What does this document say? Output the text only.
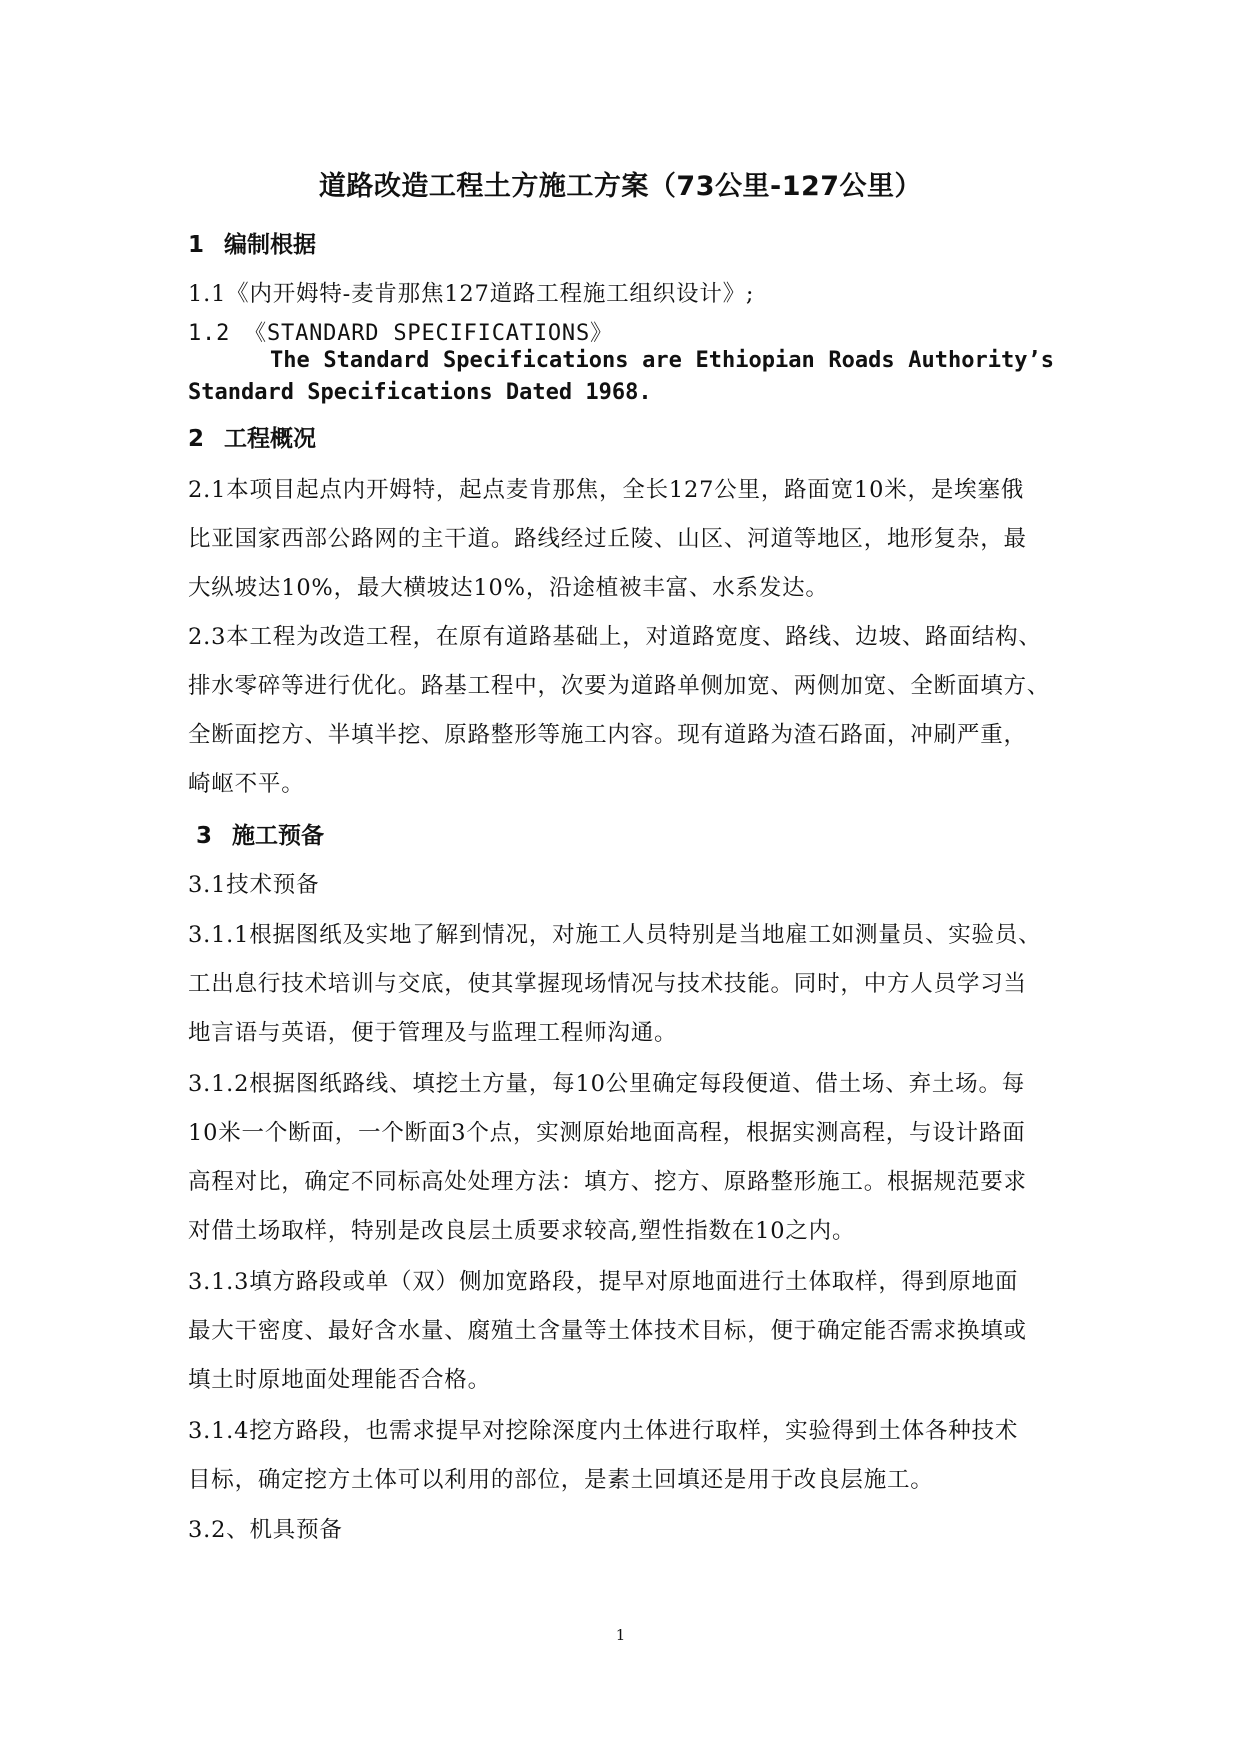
道路改造工程土方施工方案（73公里-127公里）
1 编制根据

1.1《内开姆特-麦肯那焦127道路工程施工组织设计》;

1.2 《STANDARD SPECIFICATIONS》

The Standard Specifications are Ethiopian Roads Authority’s

Standard Specifications Dated 1968.

2 工程概况

2.1本项目起点内开姆特，起点麦肯那焦，全长127公里，路面宽10米，是埃塞俄

比亚国家西部公路网的主干道。路线经过丘陵、山区、河道等地区，地形复杂，最

大纵坡达10%，最大横坡达10%，沿途植被丰富、水系发达。

2.3本工程为改造工程，在原有道路基础上，对道路宽度、路线、边坡、路面结构、

排水零碎等进行优化。路基工程中，次要为道路单侧加宽、两侧加宽、全断面填方、

全断面挖方、半填半挖、原路整形等施工内容。现有道路为渣石路面，冲刷严重，

崎岖不平。

3 施工预备

3.1技术预备

3.1.1根据图纸及实地了解到情况，对施工人员特别是当地雇工如测量员、实验员、

工出息行技术培训与交底，使其掌握现场情况与技术技能。同时，中方人员学习当

地言语与英语，便于管理及与监理工程师沟通。

3.1.2根据图纸路线、填挖土方量，每10公里确定每段便道、借土场、弃土场。每

10米一个断面，一个断面3个点，实测原始地面高程，根据实测高程，与设计路面

高程对比，确定不同标高处处理方法：填方、挖方、原路整形施工。根据规范要求

对借土场取样，特别是改良层土质要求较高,塑性指数在10之内。

3.1.3填方路段或单（双）侧加宽路段，提早对原地面进行土体取样，得到原地面

最大干密度、最好含水量、腐殖土含量等土体技术目标，便于确定能否需求换填或

填土时原地面处理能否合格。

3.1.4挖方路段，也需求提早对挖除深度内土体进行取样，实验得到土体各种技术

目标，确定挖方土体可以利用的部位，是素土回填还是用于改良层施工。

3.2、机具预备

1
